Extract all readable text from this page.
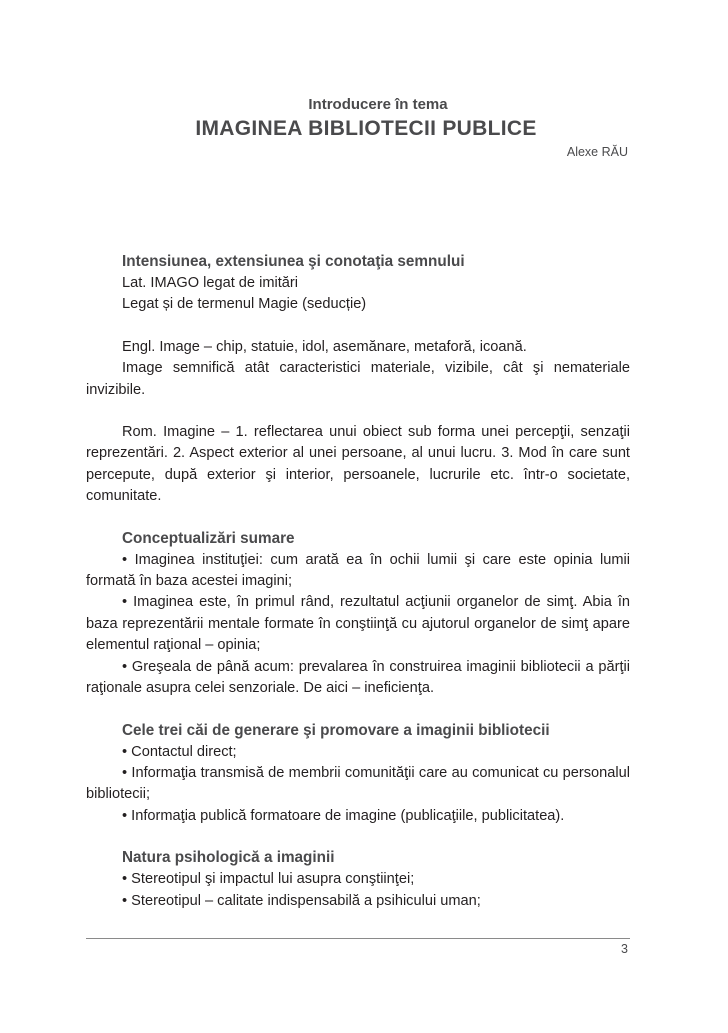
Introducere în tema
IMAGINEA BIBLIOTECII PUBLICE
Alexe RĂU
Intensiunea, extensiunea şi conotaţia semnului

Lat. IMAGO legat de imitări

Legat și de termenul Magie (seducție)

Engl. Image – chip, statuie, idol, asemănare, metaforă, icoană.

Image semnifică atât caracteristici materiale, vizibile, cât şi nemateriale invizibile.

Rom. Imagine – 1. reflectarea unui obiect sub forma unei percepţii, senzaţii reprezentări. 2. Aspect exterior al unei persoane, al unui lucru. 3. Mod în care sunt percepute, după exterior şi interior, persoanele, lucrurile etc. într-o societate, comunitate.

Conceptualizări sumare

• Imaginea instituţiei: cum arată ea în ochii lumii şi care este opinia lumii formată în baza acestei imagini;

• Imaginea este, în primul rând, rezultatul acţiunii organelor de simţ. Abia în baza reprezentării mentale formate în conştiinţă cu ajutorul organelor de simţ apare elementul raţional – opinia;

• Greşeala de până acum: prevalarea în construirea imaginii bibliotecii a părţii raţionale asupra celei senzoriale. De aici – ineficienţa.

Cele trei căi de generare şi promovare a imaginii bibliotecii

• Contactul direct;

• Informaţia transmisă de membrii comunităţii care au comunicat cu personalul bibliotecii;

• Informaţia publică formatoare de imagine (publicaţiile, publicitatea).

Natura psihologică a imaginii

• Stereotipul şi impactul lui asupra conştiinţei;

• Stereotipul – calitate indispensabilă a psihicului uman;

3
